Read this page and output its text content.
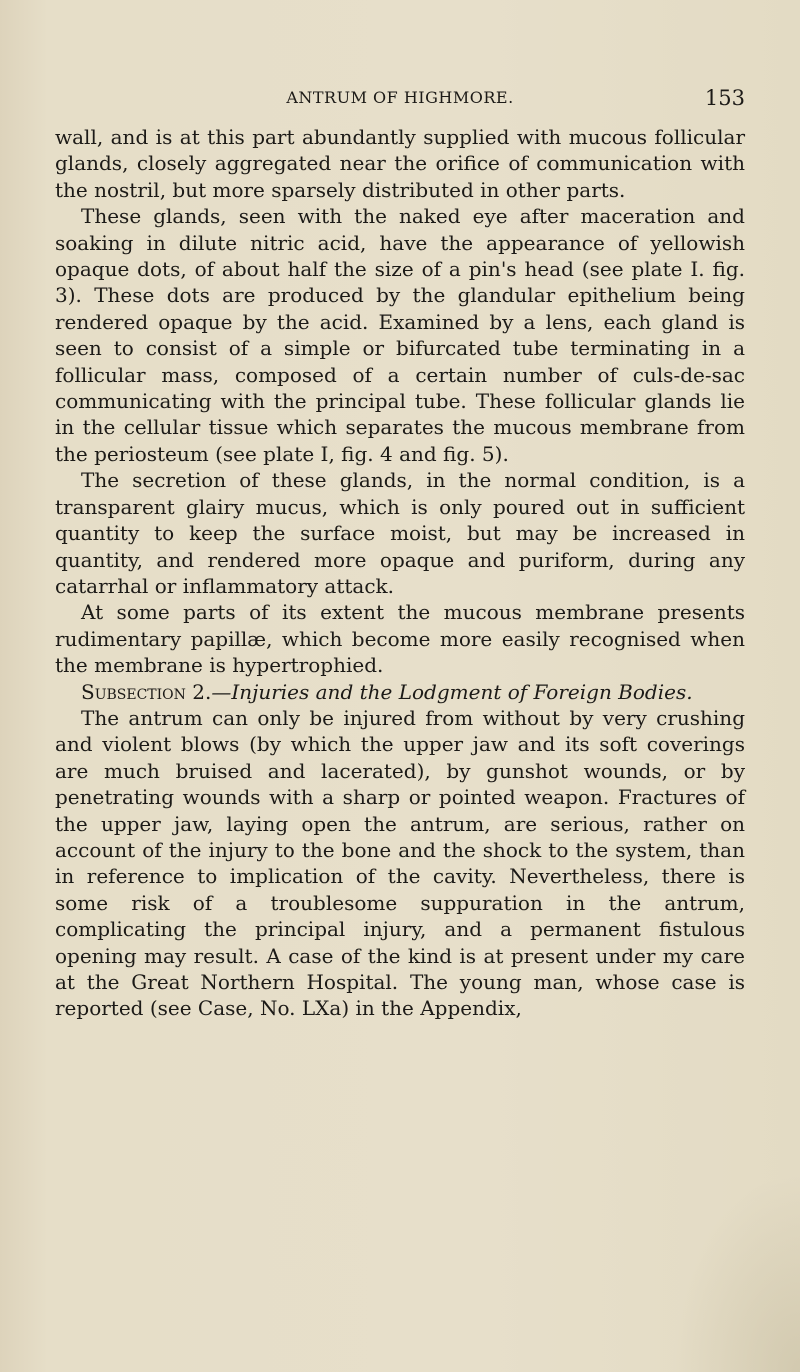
ANTRUM OF HIGHMORE.	153

wall, and is at this part abundantly supplied with mucous follicular glands, closely aggregated near the orifice of communication with the nostril, but more sparsely distributed in other parts.

These glands, seen with the naked eye after maceration and soaking in dilute nitric acid, have the appearance of yellowish opaque dots, of about half the size of a pin's head (see plate I. fig. 3). These dots are produced by the glandular epithelium being rendered opaque by the acid. Examined by a lens, each gland is seen to consist of a simple or bifurcated tube terminating in a follicular mass, composed of a certain number of culs-de-sac communicating with the principal tube. These follicular glands lie in the cellular tissue which separates the mucous membrane from the periosteum (see plate I, fig. 4 and fig. 5).

The secretion of these glands, in the normal condition, is a transparent glairy mucus, which is only poured out in sufficient quantity to keep the surface moist, but may be increased in quantity, and rendered more opaque and puriform, during any catarrhal or inflammatory attack.

At some parts of its extent the mucous membrane presents rudimentary papillæ, which become more easily recognised when the membrane is hypertrophied.

Subsection 2.—Injuries and the Lodgment of Foreign Bodies.

The antrum can only be injured from without by very crushing and violent blows (by which the upper jaw and its soft coverings are much bruised and lacerated), by gunshot wounds, or by penetrating wounds with a sharp or pointed weapon. Fractures of the upper jaw, laying open the antrum, are serious, rather on account of the injury to the bone and the shock to the system, than in reference to implication of the cavity. Nevertheless, there is some risk of a troublesome suppuration in the antrum, complicating the principal injury, and a permanent fistulous opening may result. A case of the kind is at present under my care at the Great Northern Hospital. The young man, whose case is reported (see Case, No. LXa) in the Appendix,
